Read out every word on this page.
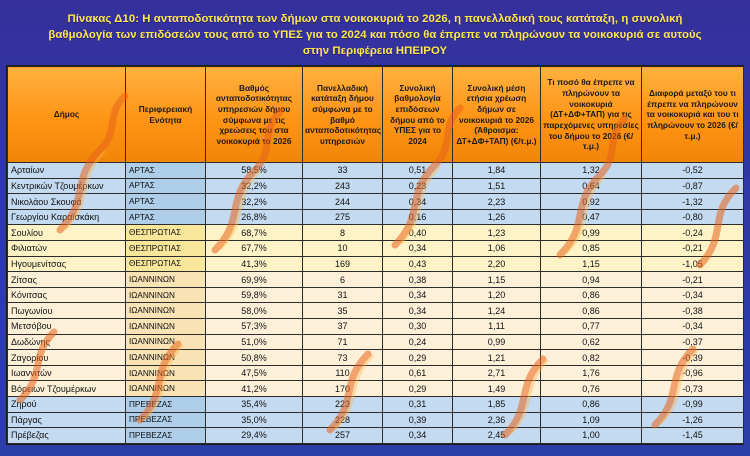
Πίνακας Δ10: Η ανταποδοτικότητα των δήμων στα νοικοκυριά το 2026, η πανελλαδική τους κατάταξη, η συνολική
βαθμολογία των επιδόσεών τους από το ΥΠΕΣ για το 2024 και πόσο θα έπρεπε να πληρώνουν τα νοικοκυριά σε αυτούς
στην Περιφέρεια ΗΠΕΙΡΟΥ
Δήμος	Περιφερειακή Ενότητα	Βαθμός ανταποδοτικότητας υπηρεσιών δήμου σύμφωνα με τις χρεώσεις του στα νοικοκυριά το 2026	Πανελλαδική κατάταξη δήμου σύμφωνα με το βαθμό ανταποδοτικότητας υπηρεσιών	Συνολική βαθμολογία επιδόσεων δήμου από το ΥΠΕΣ για το 2024	Συνολική μέση ετήσια χρέωση δήμων σε νοικοκυριά το 2026 (Άθροισμα: ΔΤ+ΔΦ+ΤΑΠ) (€/τ.μ.)	Τι ποσό θα έπρεπε να πληρώνουν τα νοικοκυριά (ΔΤ+ΔΦ+ΤΑΠ) για τις παρεχόμενες υπηρεσίες του δήμου το 2026 (€/τ.μ.)	Διαφορά μεταξύ του τι έπρεπε να πληρώνουν τα νοικοκυριά και του τι πληρώνουν το 2026 (€/τ.μ.)
Αρταίων	ΑΡΤΑΣ	58,5%	33	0,51	1,84	1,32	-0,52
Κεντρικών Τζουμέρκων	ΑΡΤΑΣ	32,2%	243	0,23	1,51	0,64	-0,87
Νικολάου Σκουφά	ΑΡΤΑΣ	32,2%	244	0,34	2,23	0,92	-1,32
Γεωργίου Καραϊσκάκη	ΑΡΤΑΣ	26,8%	275	0,16	1,26	0,47	-0,80
Σουλίου	ΘΕΣΠΡΩΤΙΑΣ	68,7%	8	0,40	1,23	0,99	-0,24
Φιλιατών	ΘΕΣΠΡΩΤΙΑΣ	67,7%	10	0,34	1,06	0,85	-0,21
Ηγουμενίτσας	ΘΕΣΠΡΩΤΙΑΣ	41,3%	169	0,43	2,20	1,15	-1,05
Ζίτσας	ΙΩΑΝΝΙΝΩΝ	69,9%	6	0,38	1,15	0,94	-0,21
Κόνιτσας	ΙΩΑΝΝΙΝΩΝ	59,8%	31	0,34	1,20	0,86	-0,34
Πωγωνίου	ΙΩΑΝΝΙΝΩΝ	58,0%	35	0,34	1,24	0,86	-0,38
Μετσόβου	ΙΩΑΝΝΙΝΩΝ	57,3%	37	0,30	1,11	0,77	-0,34
Δωδώνης	ΙΩΑΝΝΙΝΩΝ	51,0%	71	0,24	0,99	0,62	-0,37
Ζαγορίου	ΙΩΑΝΝΙΝΩΝ	50,8%	73	0,29	1,21	0,82	-0,39
Ιωαννιτών	ΙΩΑΝΝΙΝΩΝ	47,5%	110	0,61	2,71	1,76	-0,96
Βόρειων Τζουμέρκων	ΙΩΑΝΝΙΝΩΝ	41,2%	170	0,29	1,49	0,76	-0,73
Ζηρού	ΠΡΕΒΕΖΑΣ	35,4%	223	0,31	1,85	0,86	-0,99
Πάργας	ΠΡΕΒΕΖΑΣ	35,0%	228	0,39	2,36	1,09	-1,26
Πρέβεζας	ΠΡΕΒΕΖΑΣ	29,4%	257	0,34	2,45	1,00	-1,45
